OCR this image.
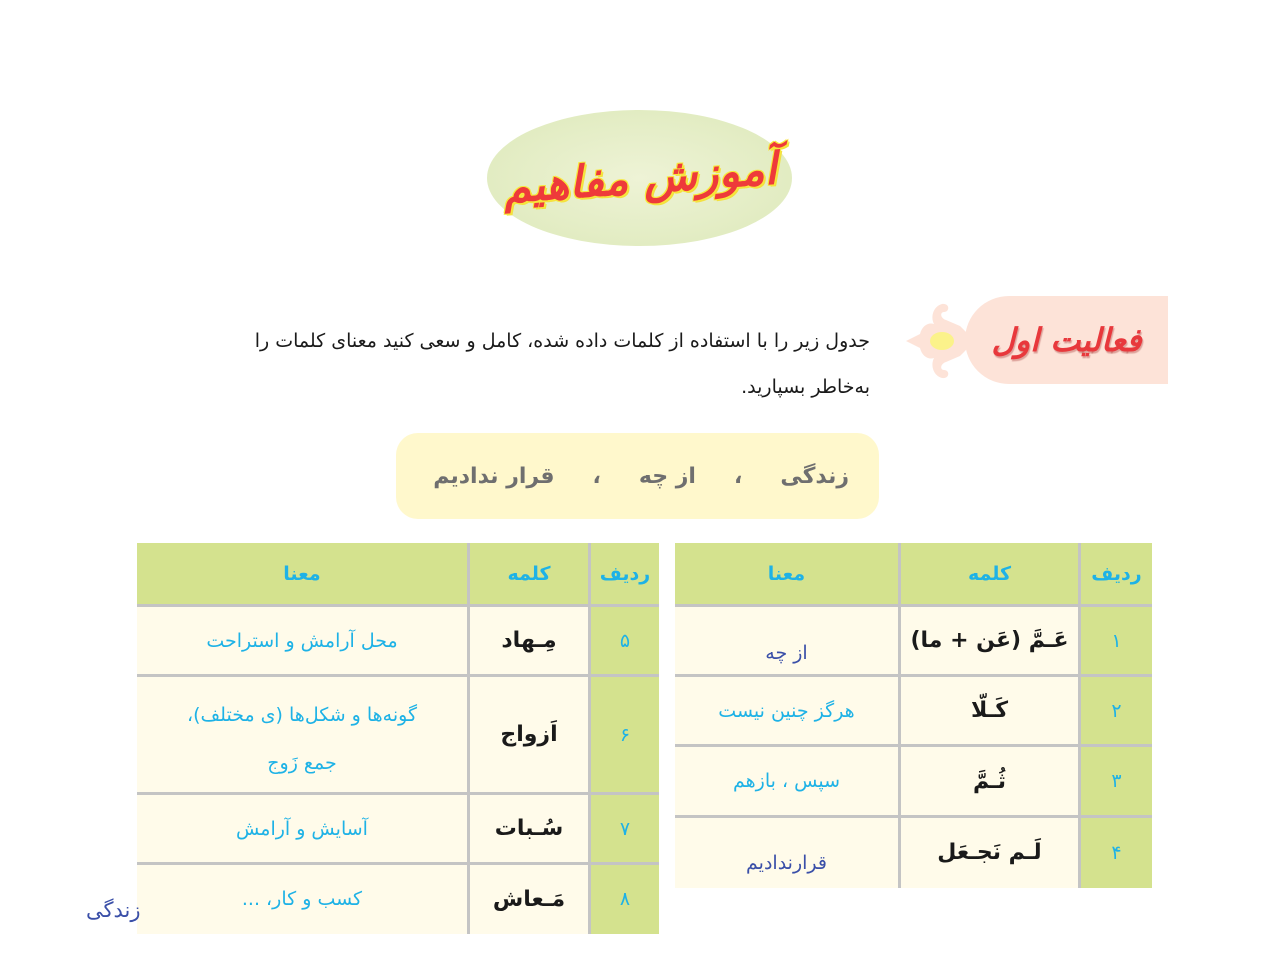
آموزش مفاهیم
فعالیت اول
جدول زیر را با استفاده از کلمات داده شده، کامل و سعی کنید معنای کلمات را
به‌خاطر بسپارید.
زندگی
،
از چه
،
قرار ندادیم
ردیف	کلمه	معنا
۱	عَـمَّ (عَن + ما)	از چه
۲	کَـلّا	هرگز چنین نیست
۳	ثُـمَّ	سپس ، بازهم
۴	لَـم نَجـعَل	قرارندادیم
ردیف	کلمه	معنا
۵	مِـهاد	محل آرامش و استراحت
۶	اَزواج	گونه‌ها و شکل‌ها (ی مختلف)،
جمع زَوج

۷	سُـبات	آسایش و آرامش
۸	مَـعاش	کسب و کار، ...
زندگی
